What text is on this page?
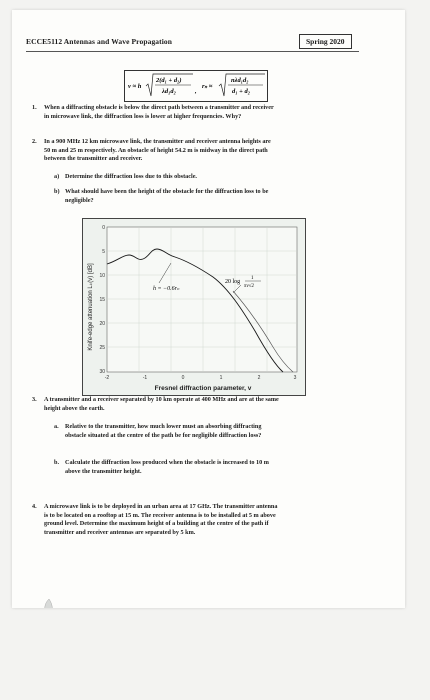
ECCE5112 Antennas and Wave Propagation	Spring 2020
v ≈ h
2(d₁ + d₂)
λd₁d₂	,
rₙ ≈
nλd₁d₂
d₁ + d₂
1. When a diffracting obstacle is below the direct path between a transmitter and receiver
in microwave link, the diffraction loss is lower at higher frequencies. Why?
2. In a 900 MHz 12 km microwave link, the transmitter and receiver antenna heights are
50 m and 25 m respectively. An obstacle of height 54.2 m is midway in the direct path
between the transmitter and receiver.
a) Determine the diffraction loss due to this obstacle.
b) What should have been the height of the obstacle for the diffraction loss to be
negligible?
h = −0.6rₙ
20 log
1
πv√2
0
5
10
15
20
25
30
-2	-1	0	1	2	3
Knife-edge attenuation Lₖ(v) [dB]
Fresnel diffraction parameter, v
3. A transmitter and a receiver separated by 10 km operate at 400 MHz and are at the same
height above the earth.
a. Relative to the transmitter, how much lower must an absorbing diffracting
obstacle situated at the centre of the path be for negligible diffraction loss?
b. Calculate the diffraction loss produced when the obstacle is increased to 10 m
above the transmitter height.
4. A microwave link is to be deployed in an urban area at 17 GHz. The transmitter antenna
is to be located on a rooftop at 15 m. The receiver antenna is to be installed at 5 m above
ground level. Determine the maximum height of a building at the centre of the path if
transmitter and receiver antennas are separated by 5 km.
